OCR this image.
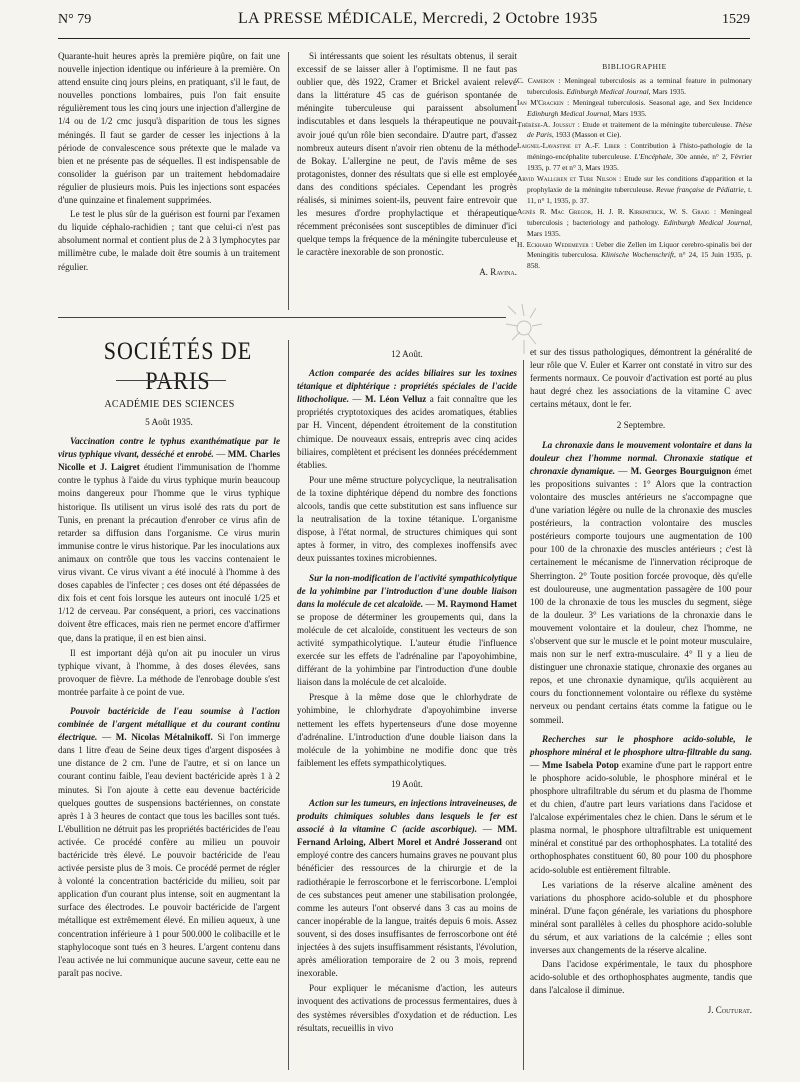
N° 79	LA PRESSE MÉDICALE, Mercredi, 2 Octobre 1935	1529

Quarante-huit heures après la première piqûre, on fait une nouvelle injection identique ou inférieure à la première. On attend ensuite cinq jours pleins, en pratiquant, s'il le faut, de nouvelles ponctions lombaires, puis l'on fait ensuite régulièrement tous les cinq jours une injection d'allergine de 1/4 ou de 1/2 cmc jusqu'à disparition de tous les signes méningés. Il faut se garder de cesser les injections à la période de convalescence sous prétexte que le malade va bien et ne présente pas de séquelles. Il est indispensable de consolider la guérison par un traitement hebdomadaire régulier de plusieurs mois. Puis les injections sont espacées d'une quinzaine et finalement supprimées.

Le test le plus sûr de la guérison est fourni par l'examen du liquide céphalo-rachidien ; tant que celui-ci n'est pas absolument normal et contient plus de 2 à 3 lymphocytes par millimètre cube, le malade doit être soumis à un traitement régulier.

Si intéressants que soient les résultats obtenus, il serait excessif de se laisser aller à l'optimisme. Il ne faut pas oublier que, dès 1922, Cramer et Brickel avaient relevé dans la littérature 45 cas de guérison spontanée de méningite tuberculeuse qui paraissent absolument indiscutables et dans lesquels la thérapeutique ne pouvait avoir joué qu'un rôle bien secondaire. D'autre part, d'assez nombreux auteurs disent n'avoir rien obtenu de la méthode de Bokay. L'allergine ne peut, de l'avis même de ses protagonistes, donner des résultats que si elle est employée dans des conditions spéciales. Cependant les progrès réalisés, si minimes soient-ils, peuvent faire entrevoir que les mesures d'ordre prophylactique et thérapeutique récemment préconisées sont susceptibles de diminuer d'ici quelque temps la fréquence de la méningite tuberculeuse et le caractère inexorable de son pronostic.

A. Ravina.
BIBLIOGRAPHIE

C. Cameron : Meningeal tuberculosis as a terminal feature in pulmonary tuberculosis. Edinburgh Medical Journal, Mars 1935.

Ian M'Cracken : Meningeal tuberculosis. Seasonal age, and Sex Incidence Edinburgh Medical Journal, Mars 1935.

Thérèse-A. Joussut : Etude et traitement de la méningite tuberculeuse. Thèse de Paris, 1933 (Masson et Cie).

Laignel-Lavastine et A.-F. Liber : Contribution à l'histo-pathologie de la méningo-encéphalite tuberculeuse. L'Encéphale, 30e année, n° 2, Février 1935, p. 77 et n° 3, Mars 1935.

Arvid Wallgren et Ture Nilson : Etude sur les conditions d'apparition et la prophylaxie de la méningite tuberculeuse. Revue française de Pédiatrie, t. 11, n° 1, 1935, p. 37.

Agnès R. Mac Gregor, H. J. R. Kirkpatrick, W. S. Graig : Meningeal tuberculosis ; bacteriology and pathology. Edinburgh Medical Journal, Mars 1935.

H. Eckhard Wedemeyer : Ueber die Zellen im Liquor cerebro-spinalis bei der Meningitis tuberculosa. Klinische Wochenschrift, n° 24, 15 Juin 1935, p. 858.

SOCIÉTÉS DE PARIS
ACADÉMIE DES SCIENCES

5 Août 1935.

Vaccination contre le typhus exanthématique par le virus typhique vivant, desséché et enrobé. — MM. Charles Nicolle et J. Laigret étudient l'immunisation de l'homme contre le typhus à l'aide du virus typhique murin beaucoup moins dangereux pour l'homme que le virus typhique historique. Ils utilisent un virus isolé des rats du port de Tunis, en prenant la précaution d'enrober ce virus afin de retarder sa diffusion dans l'organisme. Ce virus murin immunise contre le virus historique. Par les inoculations aux animaux on contrôle que tous les vaccins contenaient le virus vivant. Ce virus vivant a été inoculé à l'homme à des doses capables de l'infecter ; ces doses ont été dépassées de dix fois et cent fois lorsque les auteurs ont inoculé 1/25 et 1/12 de cerveau. Par conséquent, a priori, ces vaccinations doivent être efficaces, mais rien ne permet encore d'affirmer que, dans la pratique, il en est bien ainsi.

Il est important déjà qu'on ait pu inoculer un virus typhique vivant, à l'homme, à des doses élevées, sans provoquer de fièvre. La méthode de l'enrobage double s'est montrée parfaite à ce point de vue.

Pouvoir bactéricide de l'eau soumise à l'action combinée de l'argent métallique et du courant continu électrique. — M. Nicolas Métalnikoff. Si l'on immerge dans 1 litre d'eau de Seine deux tiges d'argent disposées à une distance de 2 cm. l'une de l'autre, et si on lance un courant continu faible, l'eau devient bactéricide après 1 à 2 minutes. Si l'on ajoute à cette eau devenue bactéricide quelques gouttes de suspensions bactériennes, on constate après 1 à 3 heures de contact que tous les bacilles sont tués. L'ébullition ne détruit pas les propriétés bactéricides de l'eau activée. Ce procédé confère au milieu un pouvoir bactéricide très élevé. Le pouvoir bactéricide de l'eau activée persiste plus de 3 mois. Ce procédé permet de régler à volonté la concentration bactéricide du milieu, soit par application d'un courant plus intense, soit en augmentant la surface des électrodes. Le pouvoir bactéricide de l'argent métallique est extrêmement élevé. En milieu aqueux, à une concentration inférieure à 1 pour 500.000 le colibacille et le staphylocoque sont tués en 3 heures. L'argent contenu dans l'eau activée ne lui communique aucune saveur, cette eau ne paraît pas nocive.

12 Août.

Action comparée des acides biliaires sur les toxines tétanique et diphtérique : propriétés spéciales de l'acide lithocholique. — M. Léon Velluz a fait connaître que les propriétés cryptotoxiques des acides aromatiques, établies par H. Vincent, dépendent étroitement de la constitution chimique. De nouveaux essais, entrepris avec cinq acides biliaires, complètent et précisent les données précédemment établies.

Pour une même structure polycyclique, la neutralisation de la toxine diphtérique dépend du nombre des fonctions alcools, tandis que cette substitution est sans influence sur la neutralisation de la toxine tétanique. L'organisme dispose, à l'état normal, de structures chimiques qui sont aptes à former, in vitro, des complexes inoffensifs avec deux puissantes toxines microbiennes.

Sur la non-modification de l'activité sympathicolytique de la yohimbine par l'introduction d'une double liaison dans la molécule de cet alcaloïde. — M. Raymond Hamet se propose de déterminer les groupements qui, dans la molécule de cet alcaloïde, constituent les vecteurs de son activité sympathicolytique. L'auteur étudie l'influence exercée sur les effets de l'adrénaline par l'apoyohimbine, différant de la yohimbine par l'introduction d'une double liaison dans la molécule de cet alcaloïde.

Presque à la même dose que le chlorhydrate de yohimbine, le chlorhydrate d'apoyohimbine inverse nettement les effets hypertenseurs d'une dose moyenne d'adrénaline. L'introduction d'une double liaison dans la molécule de la yohimbine ne modifie donc que très faiblement les effets sympathicolytiques.

19 Août.

Action sur les tumeurs, en injections intraveineuses, de produits chimiques solubles dans lesquels le fer est associé à la vitamine C (acide ascorbique). — MM. Fernand Arloing, Albert Morel et André Josserand ont employé contre des cancers humains graves ne pouvant plus bénéficier des ressources de la chirurgie et de la radiothérapie le ferroscorbone et le ferriscorbone. L'emploi de ces substances peut amener une stabilisation prolongée, comme les auteurs l'ont observé dans 3 cas au moins de cancer inopérable de la langue, traités depuis 6 mois. Assez souvent, si des doses insuffisantes de ferroscorbone ont été injectées à des sujets insuffisamment résistants, l'évolution, après amélioration temporaire de 2 ou 3 mois, reprend inexorable.

Pour expliquer le mécanisme d'action, les auteurs invoquent des activations de processus fermentaires, dues à des systèmes réversibles d'oxydation et de réduction. Les résultats, recueillis in vivo

et sur des tissus pathologiques, démontrent la généralité de leur rôle que V. Euler et Karrer ont constaté in vitro sur des ferments normaux. Ce pouvoir d'activation est porté au plus haut degré chez les associations de la vitamine C avec certains métaux, dont le fer.

2 Septembre.

La chronaxie dans le mouvement volontaire et dans la douleur chez l'homme normal. Chronaxie statique et chronaxie dynamique. — M. Georges Bourguignon émet les propositions suivantes : 1° Alors que la contraction volontaire des muscles antérieurs ne s'accompagne que d'une variation légère ou nulle de la chronaxie des muscles postérieurs, la contraction volontaire des muscles postérieurs comporte toujours une augmentation de 100 pour 100 de la chronaxie des muscles antérieurs ; c'est là certainement le mécanisme de l'innervation réciproque de Sherrington. 2° Toute position forcée provoque, dès qu'elle est douloureuse, une augmentation passagère de 100 pour 100 de la chronaxie de tous les muscles du segment, siège de la douleur. 3° Les variations de la chronaxie dans le mouvement volontaire et la douleur, chez l'homme, ne s'observent que sur le muscle et le point moteur musculaire, mais non sur le nerf extra-musculaire. 4° Il y a lieu de distinguer une chronaxie statique, chronaxie des organes au repos, et une chronaxie dynamique, qu'ils acquièrent au cours du fonctionnement volontaire ou réflexe du système nerveux ou pendant certains états comme la fatigue ou le sommeil.

Recherches sur le phosphore acido-soluble, le phosphore minéral et le phosphore ultra-filtrable du sang. — Mme Isabela Potop examine d'une part le rapport entre le phosphore acido-soluble, le phosphore minéral et le phosphore ultrafiltrable du sérum et du plasma de l'homme et du chien, d'autre part leurs variations dans l'acidose et l'alcalose expérimentales chez le chien. Dans le sérum et le plasma normal, le phosphore ultrafiltrable est uniquement minéral et constitué par des orthophosphates. La totalité des orthophosphates constituent 60, 80 pour 100 du phosphore acido-soluble est entièrement filtrable.

Les variations de la réserve alcaline amènent des variations du phosphore acido-soluble et du phosphore minéral. D'une façon générale, les variations du phosphore minéral sont parallèles à celles du phosphore acido-soluble du sérum, et aux variations de la calcémie ; elles sont inverses aux changements de la réserve alcaline.

Dans l'acidose expérimentale, le taux du phosphore acido-soluble et des orthophosphates augmente, tandis que dans l'alcalose il diminue.

J. Couturat.
